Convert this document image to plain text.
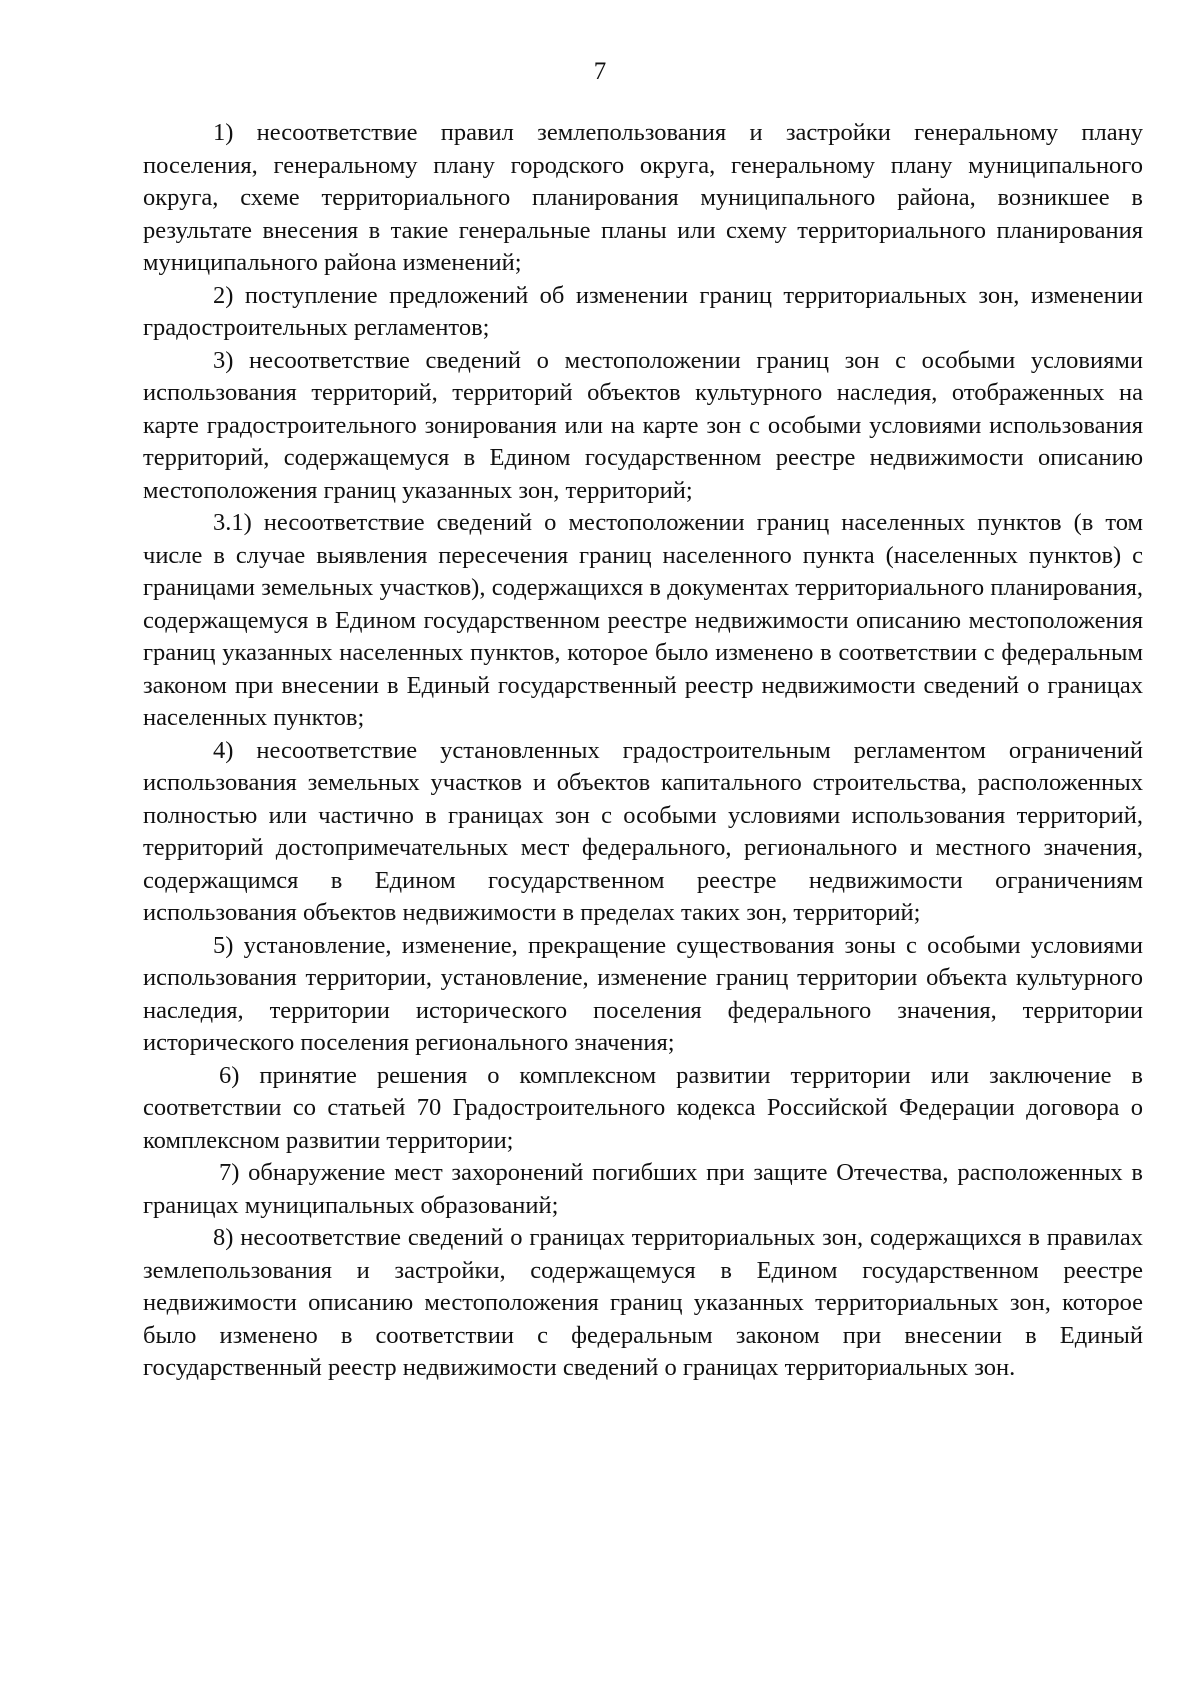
7

1) несоответствие правил землепользования и застройки генеральному плану поселения, генеральному плану городского округа, генеральному плану муниципального округа, схеме территориального планирования муниципального района, возникшее в результате внесения в такие генеральные планы или схему территориального планирования муниципального района изменений;

2) поступление предложений об изменении границ территориальных зон, изменении градостроительных регламентов;

3) несоответствие сведений о местоположении границ зон с особыми условиями использования территорий, территорий объектов культурного наследия, отображенных на карте градостроительного зонирования или на карте зон с особыми условиями использования территорий, содержащемуся в Едином государственном реестре недвижимости описанию местоположения границ указанных зон, территорий;

3.1) несоответствие сведений о местоположении границ населенных пунктов (в том числе в случае выявления пересечения границ населенного пункта (населенных пунктов) с границами земельных участков), содержащихся в документах территориального планирования, содержащемуся в Едином государственном реестре недвижимости описанию местоположения границ указанных населенных пунктов, которое было изменено в соответствии с федеральным законом при внесении в Единый государственный реестр недвижимости сведений о границах населенных пунктов;

4) несоответствие установленных градостроительным регламентом ограничений использования земельных участков и объектов капитального строительства, расположенных полностью или частично в границах зон с особыми условиями использования территорий, территорий достопримечательных мест федерального, регионального и местного значения, содержащимся в Едином государственном реестре недвижимости ограничениям использования объектов недвижимости в пределах таких зон, территорий;

5) установление, изменение, прекращение существования зоны с особыми условиями использования территории, установление, изменение границ территории объекта культурного наследия, территории исторического поселения федерального значения, территории исторического поселения регионального значения;

6) принятие решения о комплексном развитии территории или заключение в соответствии со статьей 70 Градостроительного кодекса Российской Федерации договора о комплексном развитии территории;

7) обнаружение мест захоронений погибших при защите Отечества, расположенных в границах муниципальных образований;

8) несоответствие сведений о границах территориальных зон, содержащихся в правилах землепользования и застройки, содержащемуся в Едином государственном реестре недвижимости описанию местоположения границ указанных территориальных зон, которое было изменено в соответствии с федеральным законом при внесении в Единый государственный реестр недвижимости сведений о границах территориальных зон.
